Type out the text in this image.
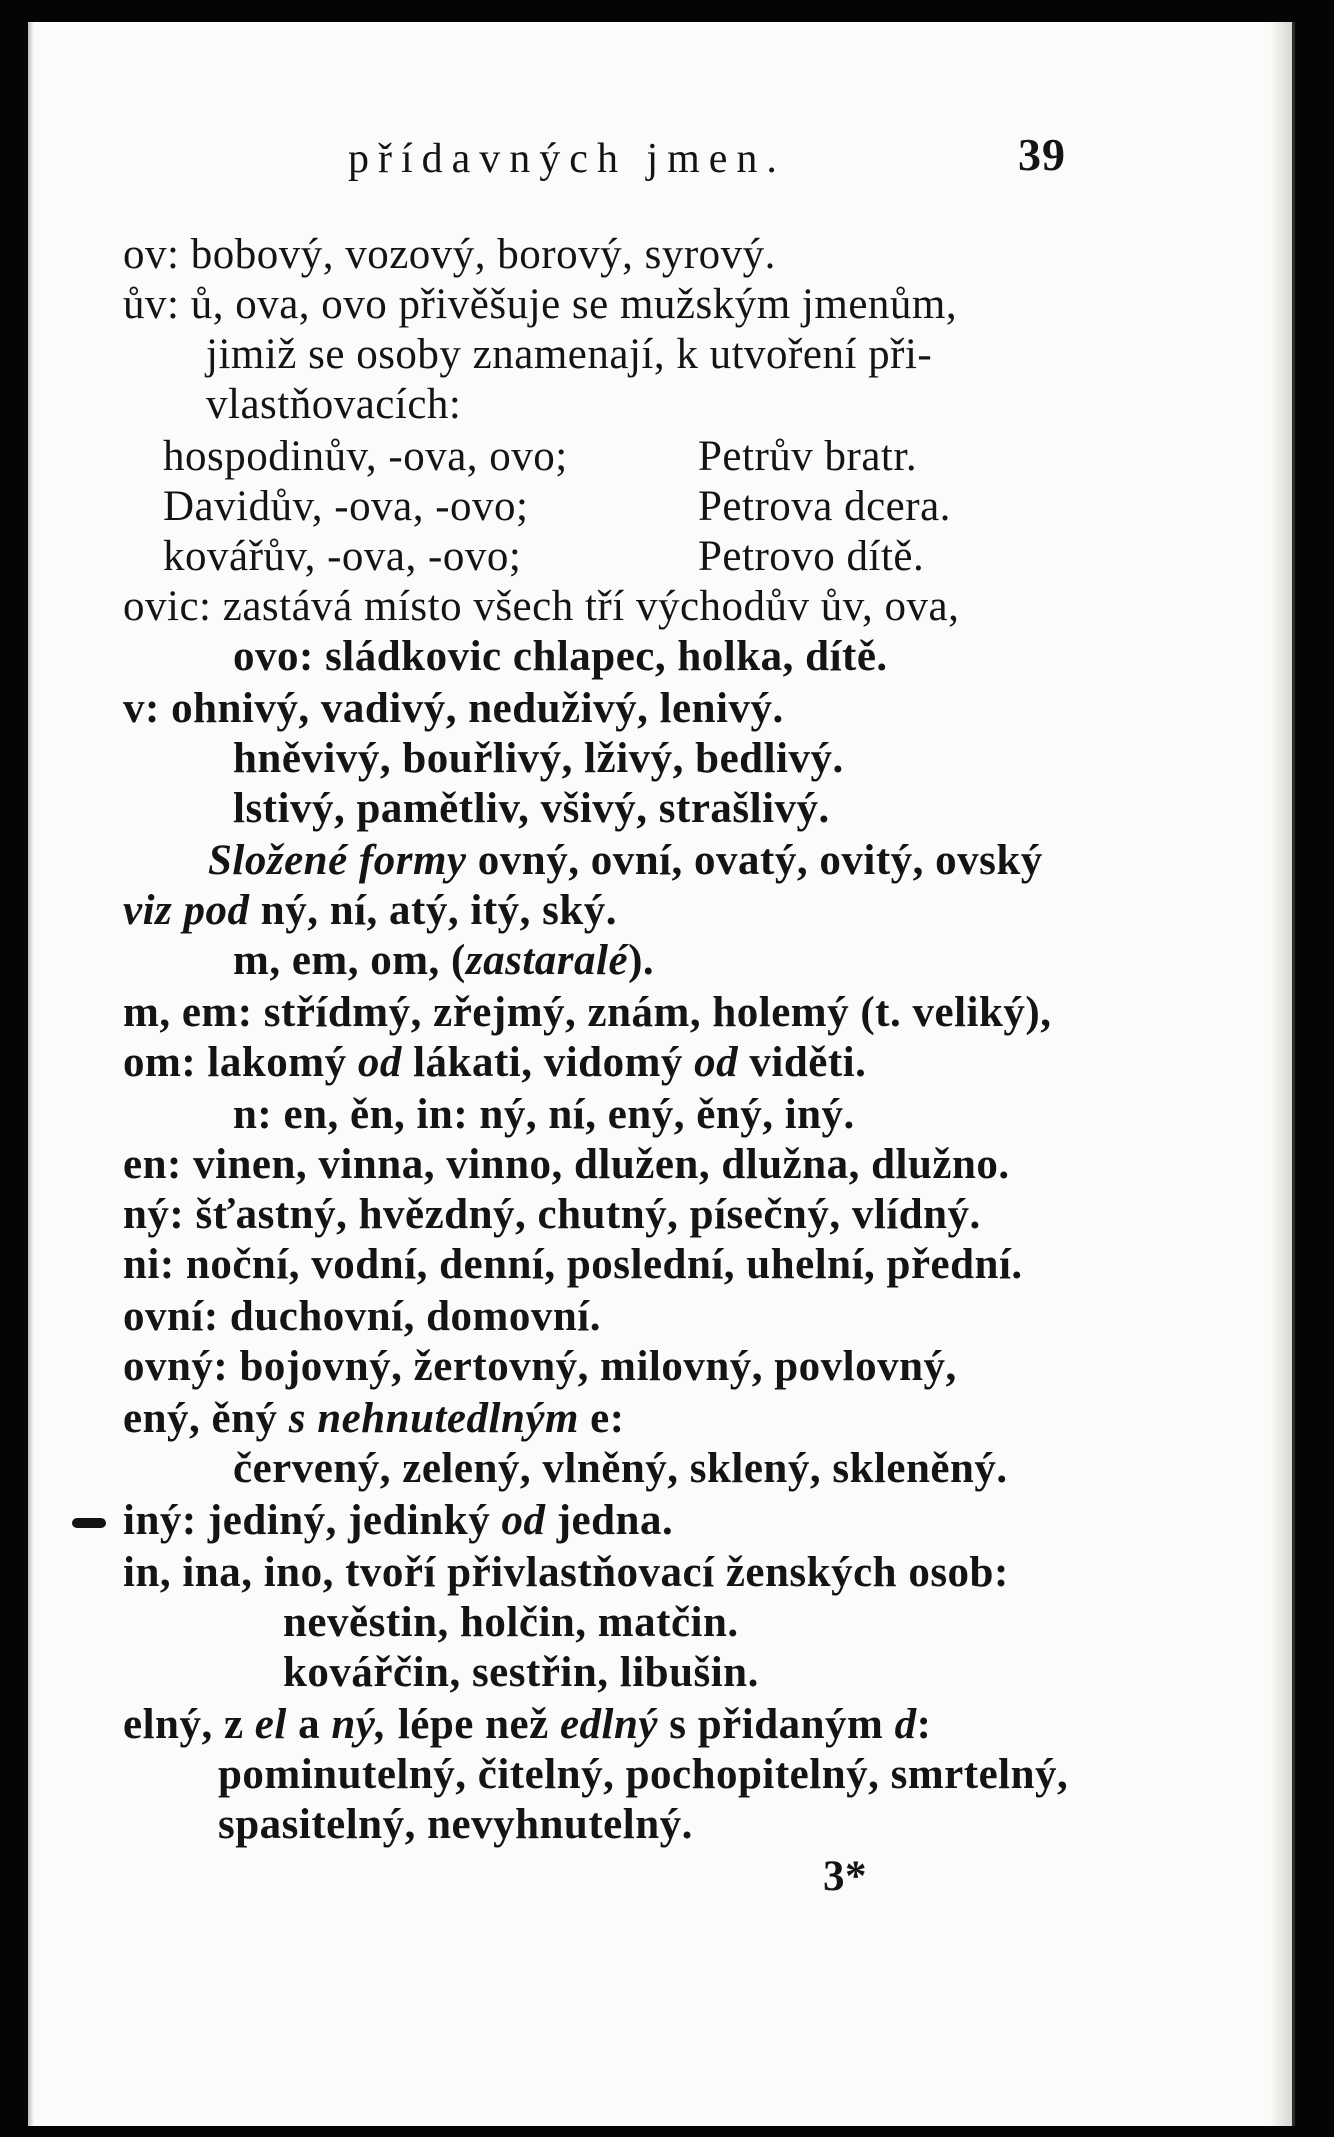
přídavných jmen.	39
ov: bobový, vozový, borový, syrový.
ův: ů, ova, ovo přivěšuje se mužským jmenům,
jimiž se osoby znamenají, k utvoření při-
vlastňovacích:
hospodinův, -ova, ovo;	Petrův bratr.
Davidův, -ova, -ovo;	Petrova dcera.
kovářův, -ova, -ovo;	Petrovo dítě.
ovic: zastává místo všech tří východův ův, ova,
ovo: sládkovic chlapec, holka, dítě.
v: ohnivý, vadivý, neduživý, lenivý.
hněvivý, bouřlivý, lživý, bedlivý.
lstivý, pamětliv, všivý, strašlivý.
Složené formy ovný, ovní, ovatý, ovitý, ovský
viz pod ný, ní, atý, itý, ský.
m, em, om, (zastaralé).
m, em: střídmý, zřejmý, znám, holemý (t. veliký),
om: lakomý od lákati, vidomý od viděti.
n: en, ěn, in: ný, ní, ený, ěný, iný.
en: vinen, vinna, vinno, dlužen, dlužna, dlužno.
ný: šťastný, hvězdný, chutný, písečný, vlídný.
ni: noční, vodní, denní, poslední, uhelní, přední.
ovní: duchovní, domovní.
ovný: bojovný, žertovný, milovný, povlovný,
ený, ěný s nehnutedlným e:
červený, zelený, vlněný, sklený, skleněný.
iný: jediný, jedinký od jedna.
in, ina, ino, tvoří přivlastňovací ženských osob:
nevěstin, holčin, matčin.
kovářčin, sestřin, libušin.
elný, z el a ný, lépe než edlný s přidaným d:
pominutelný, čitelný, pochopitelný, smrtelný,
spasitelný, nevyhnutelný.
3*
